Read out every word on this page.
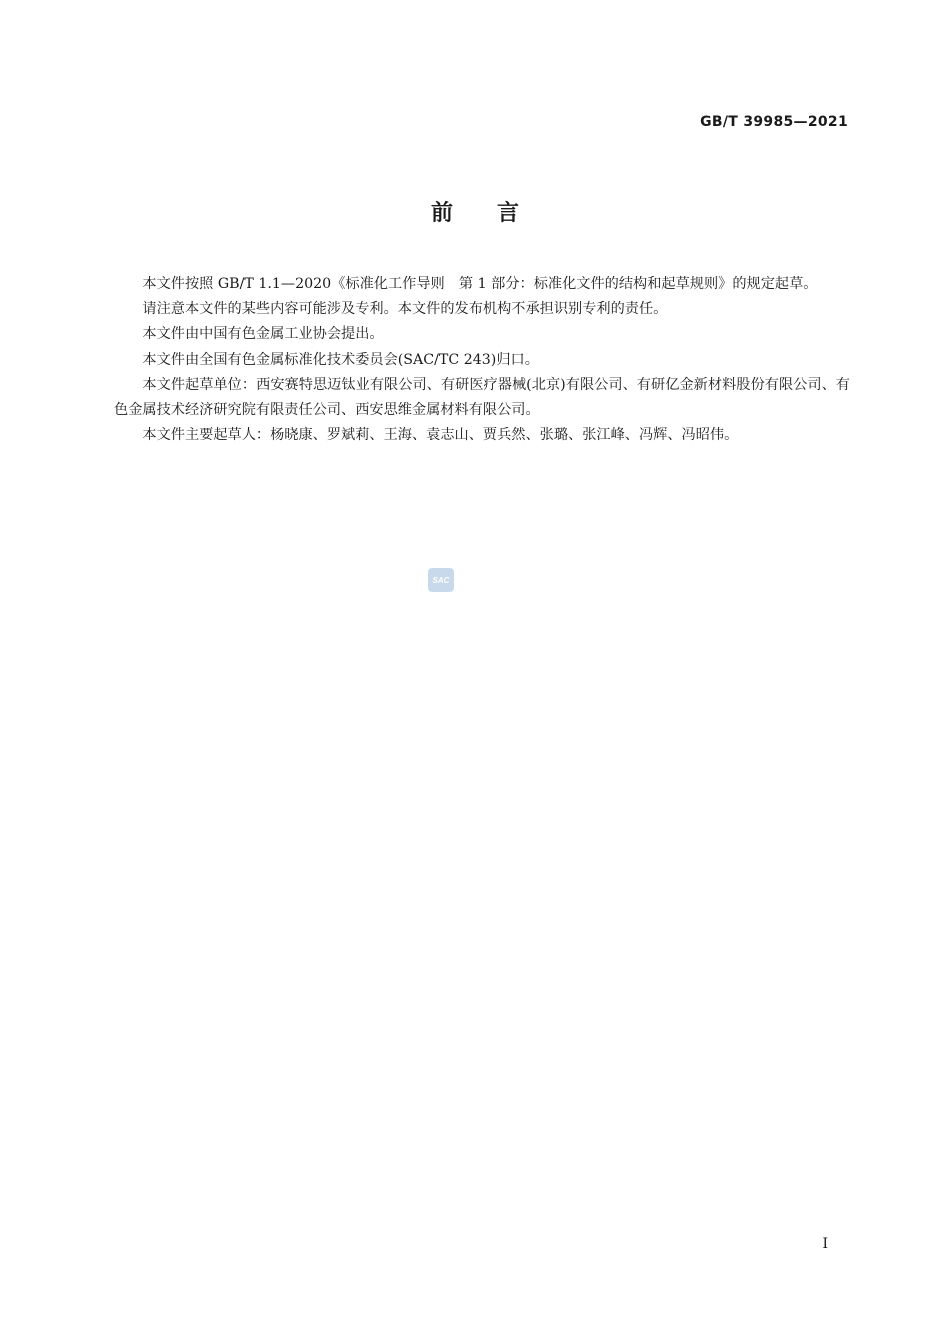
GB/T 39985—2021
前　　言

本文件按照 GB/T 1.1—2020《标准化工作导则　第 1 部分：标准化文件的结构和起草规则》的规定起草。

请注意本文件的某些内容可能涉及专利。本文件的发布机构不承担识别专利的责任。

本文件由中国有色金属工业协会提出。

本文件由全国有色金属标准化技术委员会(SAC/TC 243)归口。

本文件起草单位：西安赛特思迈钛业有限公司、有研医疗器械(北京)有限公司、有研亿金新材料股份有限公司、有色金属技术经济研究院有限责任公司、西安思维金属材料有限公司。

本文件主要起草人：杨晓康、罗斌莉、王海、袁志山、贾兵然、张璐、张江峰、冯辉、冯昭伟。

SAC
I
